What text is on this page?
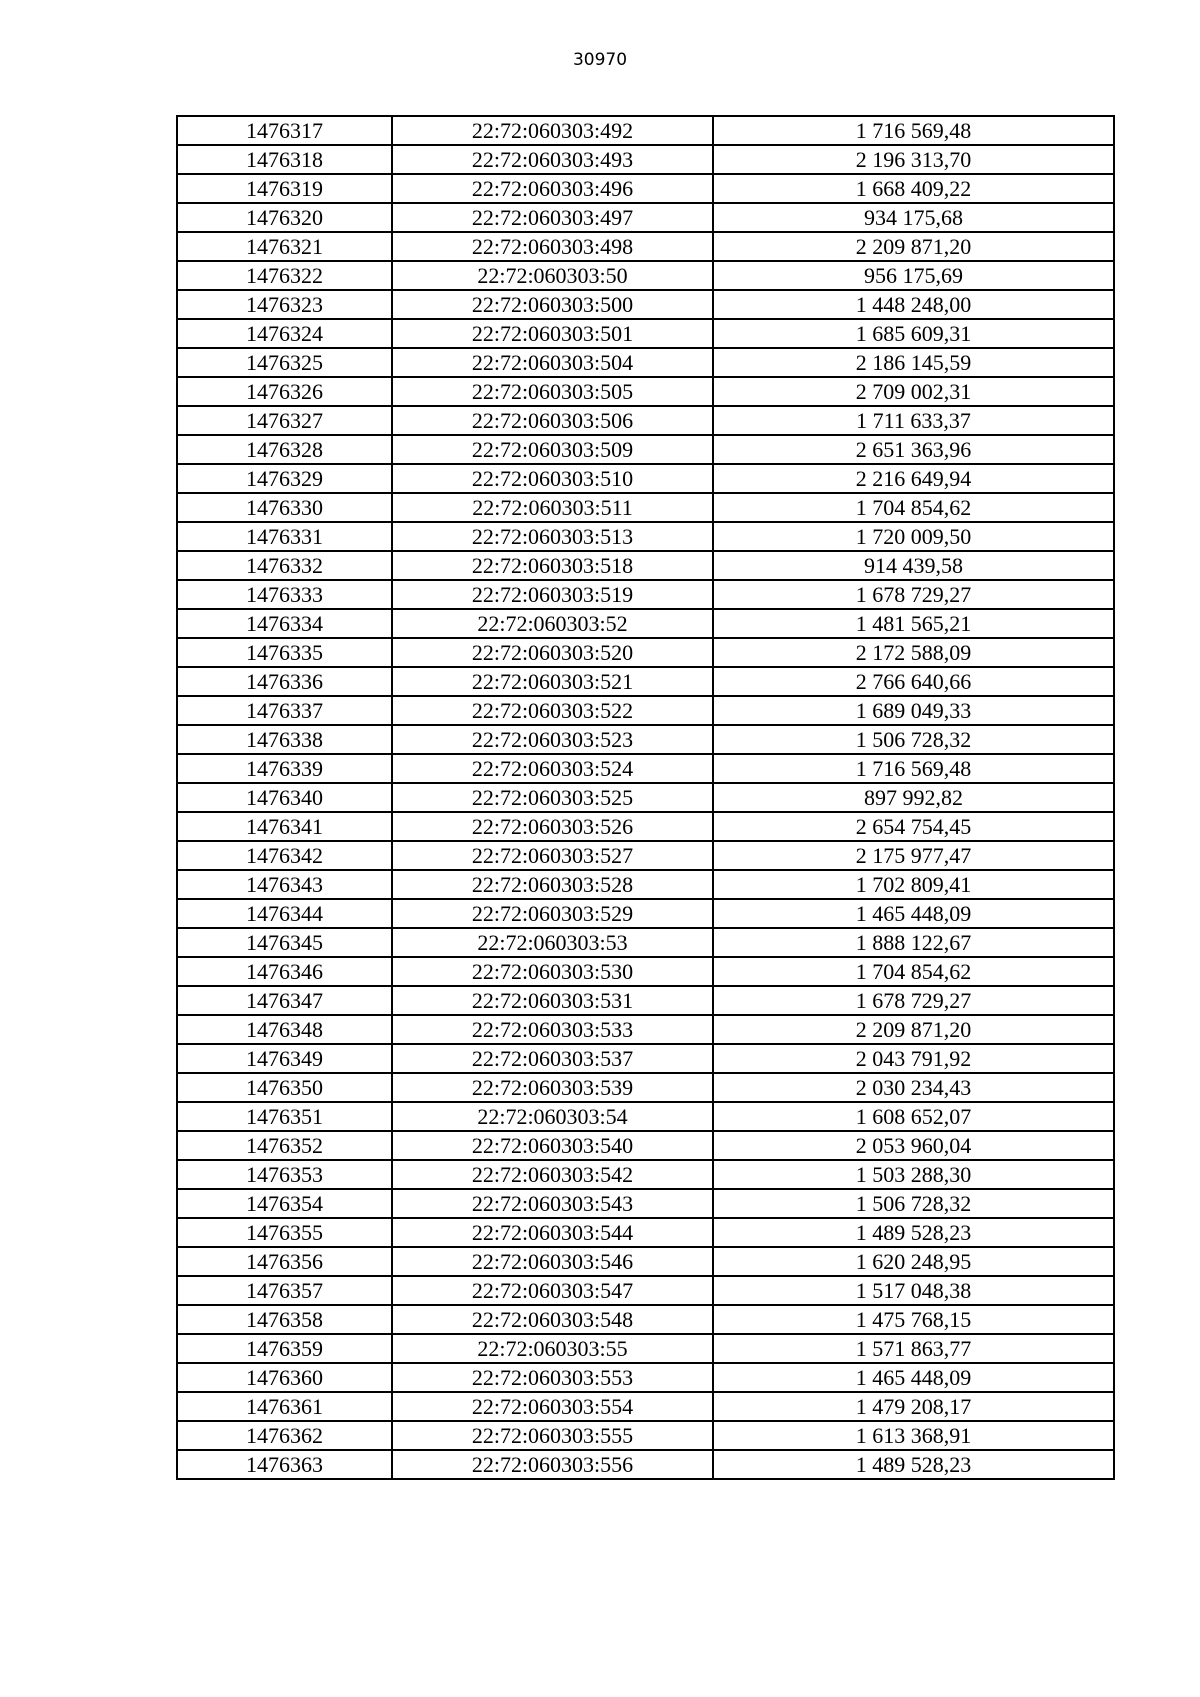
30970
1476317	22:72:060303:492	1 716 569,48
1476318	22:72:060303:493	2 196 313,70
1476319	22:72:060303:496	1 668 409,22
1476320	22:72:060303:497	934 175,68
1476321	22:72:060303:498	2 209 871,20
1476322	22:72:060303:50	956 175,69
1476323	22:72:060303:500	1 448 248,00
1476324	22:72:060303:501	1 685 609,31
1476325	22:72:060303:504	2 186 145,59
1476326	22:72:060303:505	2 709 002,31
1476327	22:72:060303:506	1 711 633,37
1476328	22:72:060303:509	2 651 363,96
1476329	22:72:060303:510	2 216 649,94
1476330	22:72:060303:511	1 704 854,62
1476331	22:72:060303:513	1 720 009,50
1476332	22:72:060303:518	914 439,58
1476333	22:72:060303:519	1 678 729,27
1476334	22:72:060303:52	1 481 565,21
1476335	22:72:060303:520	2 172 588,09
1476336	22:72:060303:521	2 766 640,66
1476337	22:72:060303:522	1 689 049,33
1476338	22:72:060303:523	1 506 728,32
1476339	22:72:060303:524	1 716 569,48
1476340	22:72:060303:525	897 992,82
1476341	22:72:060303:526	2 654 754,45
1476342	22:72:060303:527	2 175 977,47
1476343	22:72:060303:528	1 702 809,41
1476344	22:72:060303:529	1 465 448,09
1476345	22:72:060303:53	1 888 122,67
1476346	22:72:060303:530	1 704 854,62
1476347	22:72:060303:531	1 678 729,27
1476348	22:72:060303:533	2 209 871,20
1476349	22:72:060303:537	2 043 791,92
1476350	22:72:060303:539	2 030 234,43
1476351	22:72:060303:54	1 608 652,07
1476352	22:72:060303:540	2 053 960,04
1476353	22:72:060303:542	1 503 288,30
1476354	22:72:060303:543	1 506 728,32
1476355	22:72:060303:544	1 489 528,23
1476356	22:72:060303:546	1 620 248,95
1476357	22:72:060303:547	1 517 048,38
1476358	22:72:060303:548	1 475 768,15
1476359	22:72:060303:55	1 571 863,77
1476360	22:72:060303:553	1 465 448,09
1476361	22:72:060303:554	1 479 208,17
1476362	22:72:060303:555	1 613 368,91
1476363	22:72:060303:556	1 489 528,23
